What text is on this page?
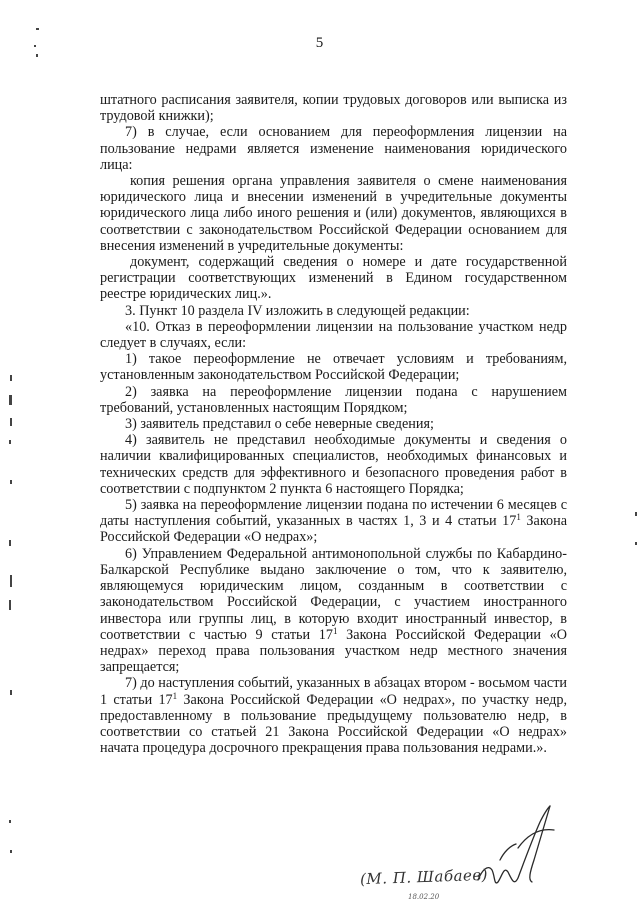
5

штатного расписания заявителя, копии трудовых договоров или выписка из трудовой книжки);

7) в случае, если основанием для переоформления лицензии на пользование недрами является изменение наименования юридического лица:

копия решения органа управления заявителя о смене наименования юридического лица и внесении изменений в учредительные документы юридического лица либо иного решения и (или) документов, являющихся в соответствии с законодательством Российской Федерации основанием для внесения изменений в учредительные документы:

документ, содержащий сведения о номере и дате государственной регистрации соответствующих изменений в Едином государственном реестре юридических лиц.».

3. Пункт 10 раздела IV изложить в следующей редакции:

«10. Отказ в переоформлении лицензии на пользование участком недр следует в случаях, если:

1) такое переоформление не отвечает условиям и требованиям, установленным законодательством Российской Федерации;

2) заявка на переоформление лицензии подана с нарушением требований, установленных настоящим Порядком;

3) заявитель представил о себе неверные сведения;

4) заявитель не представил необходимые документы и сведения о наличии квалифицированных специалистов, необходимых финансовых и технических средств для эффективного и безопасного проведения работ в соответствии с подпунктом 2 пункта 6 настоящего Порядка;

5) заявка на переоформление лицензии подана по истечении 6 месяцев с даты наступления событий, указанных в частях 1, 3 и 4 статьи $17^1$ Закона Российской Федерации «О недрах»;

6) Управлением Федеральной антимонопольной службы по Кабардино-Балкарской Республике выдано заключение о том, что к заявителю, являющемуся юридическим лицом, созданным в соответствии с законодательством Российской Федерации, с участием иностранного инвестора или группы лиц, в которую входит иностранный инвестор, в соответствии с частью 9 статьи $17^1$ Закона Российской Федерации «О недрах» переход права пользования участком недр местного значения запрещается;

7) до наступления событий, указанных в абзацах втором - восьмом части 1 статьи $17^1$ Закона Российской Федерации «О недрах», по участку недр, предоставленному в пользование предыдущему пользователю недр, в соответствии со статьей 21 Закона Российской Федерации «О недрах» начата процедура досрочного прекращения права пользования недрами.».

(М. П. Шабаев)
18.02.20
